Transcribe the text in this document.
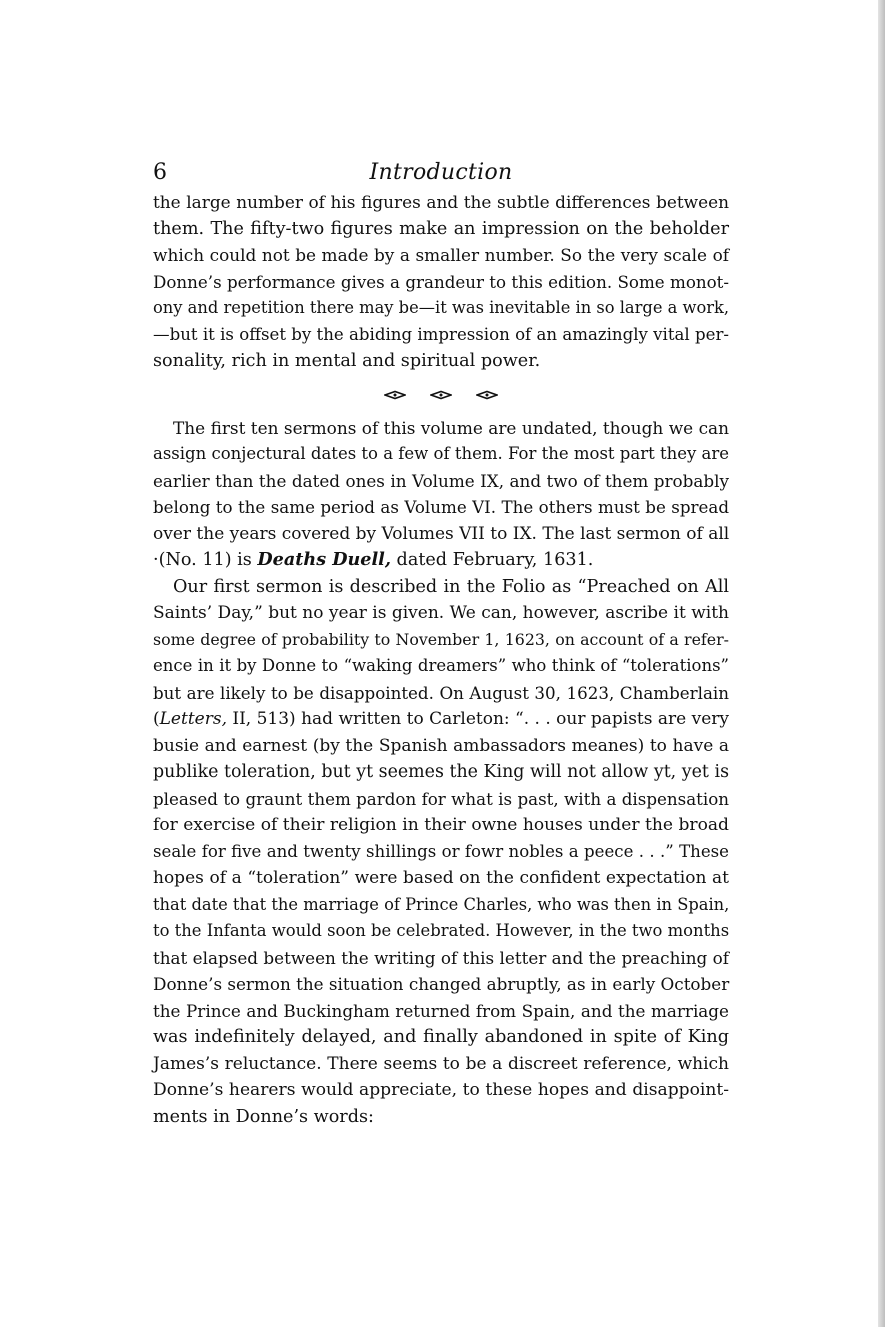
6	Introduction
the large number of his figures and the subtle differences between
them. The fifty-two figures make an impression on the beholder
which could not be made by a smaller number. So the very scale of
Donne’s performance gives a grandeur to this edition. Some monot-
ony and repetition there may be—it was inevitable in so large a work,
—but it is offset by the abiding impression of an amazingly vital per-
sonality, rich in mental and spiritual power.
The first ten sermons of this volume are undated, though we can
assign conjectural dates to a few of them. For the most part they are
earlier than the dated ones in Volume IX, and two of them probably
belong to the same period as Volume VI. The others must be spread
over the years covered by Volumes VII to IX. The last sermon of all
·(No. 11) is Deaths Duell, dated February, 1631.
Our first sermon is described in the Folio as “Preached on All
Saints’ Day,” but no year is given. We can, however, ascribe it with
some degree of probability to November 1, 1623, on account of a refer-
ence in it by Donne to “waking dreamers” who think of “tolerations”
but are likely to be disappointed. On August 30, 1623, Chamberlain
(Letters, II, 513) had written to Carleton: “. . . our papists are very
busie and earnest (by the Spanish ambassadors meanes) to have a
publike toleration, but yt seemes the King will not allow yt, yet is
pleased to graunt them pardon for what is past, with a dispensation
for exercise of their religion in their owne houses under the broad
seale for five and twenty shillings or fowr nobles a peece . . .” These
hopes of a “toleration” were based on the confident expectation at
that date that the marriage of Prince Charles, who was then in Spain,
to the Infanta would soon be celebrated. However, in the two months
that elapsed between the writing of this letter and the preaching of
Donne’s sermon the situation changed abruptly, as in early October
the Prince and Buckingham returned from Spain, and the marriage
was indefinitely delayed, and finally abandoned in spite of King
James’s reluctance. There seems to be a discreet reference, which
Donne’s hearers would appreciate, to these hopes and disappoint-
ments in Donne’s words:
